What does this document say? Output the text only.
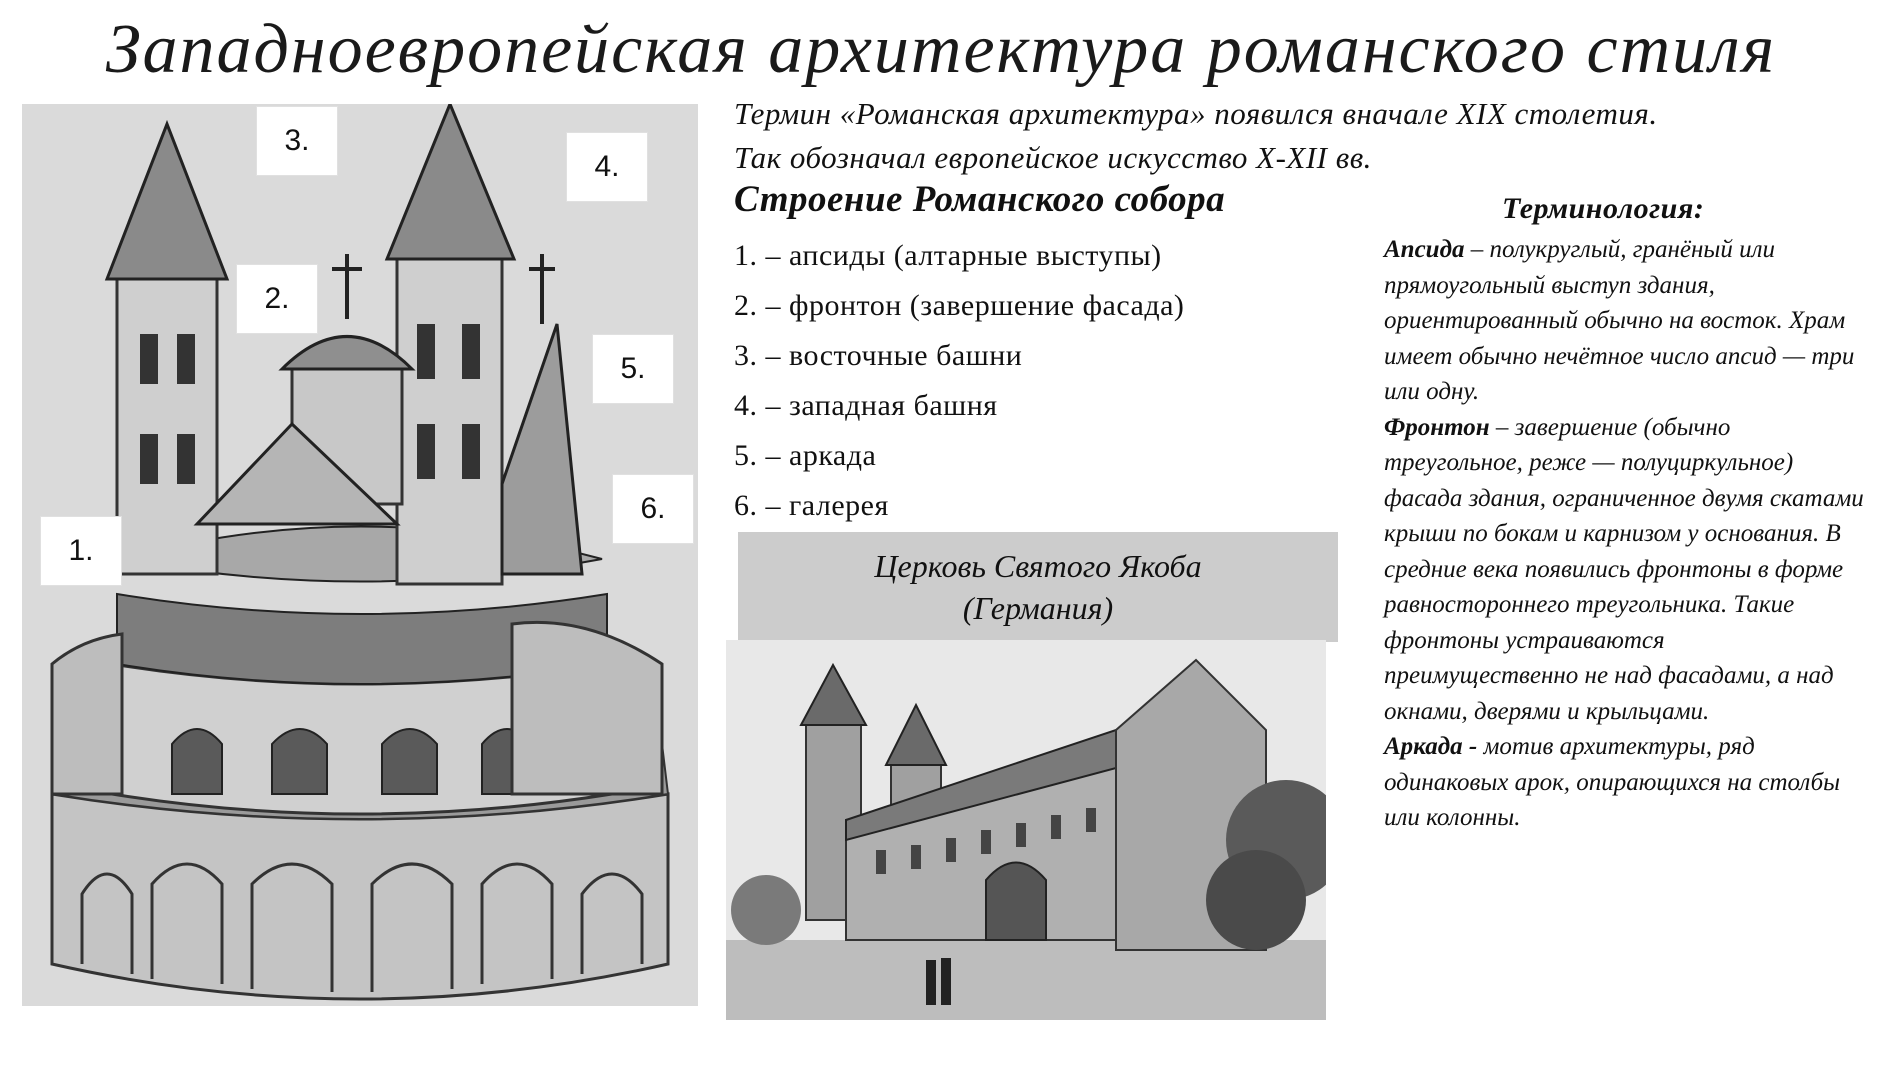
Западноевропейская архитектура романского стиля
1.
2.
3.
4.
5.
6.
Термин «Романская архитектура» появился вначале XIX столетия.
Так обозначал европейское искусство X-XII вв.
Строение Романского собора
1. – апсиды (алтарные выступы)
2. – фронтон (завершение фасада)
3. – восточные башни
4. – западная башня
5. – аркада
6. – галерея
Церковь Святого Якоба
(Германия)
Терминология:

Апсида – полукруглый, гранёный или прямоугольный выступ здания, ориентированный обычно на восток. Храм имеет обычно нечётное число апсид — три или одну.

Фронтон – завершение (обычно треугольное, реже — полуциркульное) фасада здания, ограниченное двумя скатами крыши по бокам и карнизом у основания. В средние века появились фронтоны в форме равностороннего треугольника. Такие фронтоны устраиваются преимущественно не над фасадами, а над окнами, дверями и крыльцами.

Аркада - мотив архитектуры, ряд одинаковых арок, опирающихся на столбы или колонны.
